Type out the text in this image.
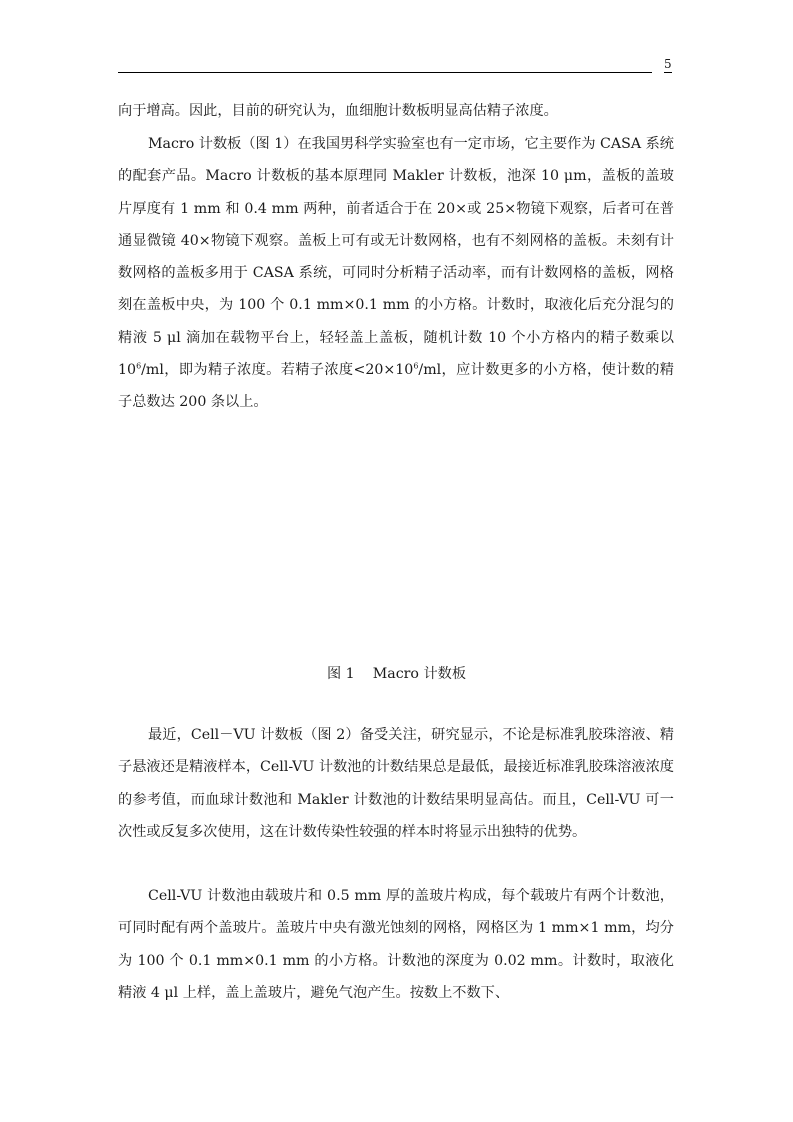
5

向于增高。因此，目前的研究认为，血细胞计数板明显高估精子浓度。

Macro 计数板（图 1）在我国男科学实验室也有一定市场，它主要作为 CASA 系统的配套产品。Macro 计数板的基本原理同 Makler 计数板，池深 10 μm，盖板的盖玻片厚度有 1 mm 和 0.4 mm 两种，前者适合于在 20×或 25×物镜下观察，后者可在普通显微镜 40×物镜下观察。盖板上可有或无计数网格，也有不刻网格的盖板。未刻有计数网格的盖板多用于 CASA 系统，可同时分析精子活动率，而有计数网格的盖板，网格刻在盖板中央，为 100 个 0.1 mm×0.1 mm 的小方格。计数时，取液化后充分混匀的精液 5 μl 滴加在载物平台上，轻轻盖上盖板，随机计数 10 个小方格内的精子数乘以 $10^6/ml$，即为精子浓度。若精子浓度$<20\times 10^6/ml$，应计数更多的小方格，使计数的精子总数达 200 条以上。

图 1 Macro 计数板

最近，Cell－VU 计数板（图 2）备受关注，研究显示，不论是标准乳胶珠溶液、精子悬液还是精液样本，Cell-VU 计数池的计数结果总是最低，最接近标准乳胶珠溶液浓度的参考值，而血球计数池和 Makler 计数池的计数结果明显高估。而且，Cell-VU 可一次性或反复多次使用，这在计数传染性较强的样本时将显示出独特的优势。

Cell-VU 计数池由载玻片和 0.5 mm 厚的盖玻片构成，每个载玻片有两个计数池，可同时配有两个盖玻片。盖玻片中央有激光蚀刻的网格，网格区为 1 mm×1 mm，均分为 100 个 0.1 mm×0.1 mm 的小方格。计数池的深度为 0.02 mm。计数时，取液化精液 4 μl 上样，盖上盖玻片，避免气泡产生。按数上不数下、
